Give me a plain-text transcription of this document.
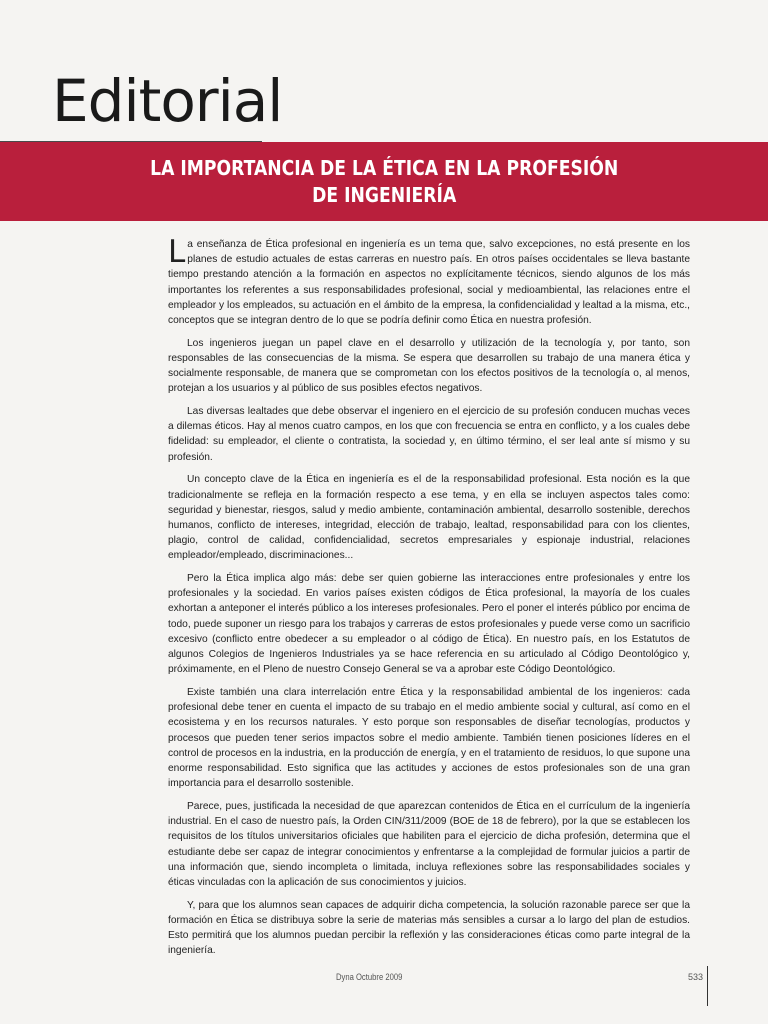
Editorial
LA IMPORTANCIA DE LA ÉTICA EN LA PROFESIÓN
DE INGENIERÍA

La enseñanza de Ética profesional en ingeniería es un tema que, salvo excepciones, no está presente en los planes de estudio actuales de estas carreras en nuestro país. En otros países occidentales se lleva bastante tiempo prestando atención a la formación en aspectos no explícitamente técnicos, siendo algunos de los más importantes los referentes a sus responsabilidades profesional, social y medioambiental, las relaciones entre el empleador y los empleados, su actuación en el ámbito de la empresa, la confidencialidad y lealtad a la misma, etc., conceptos que se integran dentro de lo que se podría definir como Ética en nuestra profesión.

Los ingenieros juegan un papel clave en el desarrollo y utilización de la tecnología y, por tanto, son responsables de las consecuencias de la misma. Se espera que desarrollen su trabajo de una manera ética y socialmente responsable, de manera que se comprometan con los efectos positivos de la tecnología o, al menos, protejan a los usuarios y al público de sus posibles efectos negativos.

Las diversas lealtades que debe observar el ingeniero en el ejercicio de su profesión conducen muchas veces a dilemas éticos. Hay al menos cuatro campos, en los que con frecuencia se entra en conflicto, y a los cuales debe fidelidad: su empleador, el cliente o contratista, la sociedad y, en último término, el ser leal ante sí mismo y su profesión.

Un concepto clave de la Ética en ingeniería es el de la responsabilidad profesional. Esta noción es la que tradicionalmente se refleja en la formación respecto a ese tema, y en ella se incluyen aspectos tales como: seguridad y bienestar, riesgos, salud y medio ambiente, contaminación ambiental, desarrollo sostenible, derechos humanos, conflicto de intereses, integridad, elección de trabajo, lealtad, responsabilidad para con los clientes, plagio, control de calidad, confidencialidad, secretos empresariales y espionaje industrial, relaciones empleador/empleado, discriminaciones...

Pero la Ética implica algo más: debe ser quien gobierne las interacciones entre profesionales y entre los profesionales y la sociedad. En varios países existen códigos de Ética profesional, la mayoría de los cuales exhortan a anteponer el interés público a los intereses profesionales. Pero el poner el interés público por encima de todo, puede suponer un riesgo para los trabajos y carreras de estos profesionales y puede verse como un sacrificio excesivo (conflicto entre obedecer a su empleador o al código de Ética). En nuestro país, en los Estatutos de algunos Colegios de Ingenieros Industriales ya se hace referencia en su articulado al Código Deontológico y, próximamente, en el Pleno de nuestro Consejo General se va a aprobar este Código Deontológico.

Existe también una clara interrelación entre Ética y la responsabilidad ambiental de los ingenieros: cada profesional debe tener en cuenta el impacto de su trabajo en el medio ambiente social y cultural, así como en el ecosistema y en los recursos naturales. Y esto porque son responsables de diseñar tecnologías, productos y procesos que pueden tener serios impactos sobre el medio ambiente. También tienen posiciones líderes en el control de procesos en la industria, en la producción de energía, y en el tratamiento de residuos, lo que supone una enorme responsabilidad. Esto significa que las actitudes y acciones de estos profesionales son de una gran importancia para el desarrollo sostenible.

Parece, pues, justificada la necesidad de que aparezcan contenidos de Ética en el currículum de la ingeniería industrial. En el caso de nuestro país, la Orden CIN/311/2009 (BOE de 18 de febrero), por la que se establecen los requisitos de los títulos universitarios oficiales que habiliten para el ejercicio de dicha profesión, determina que el estudiante debe ser capaz de integrar conocimientos y enfrentarse a la complejidad de formular juicios a partir de una información que, siendo incompleta o limitada, incluya reflexiones sobre las responsabilidades sociales y éticas vinculadas con la aplicación de sus conocimientos y juicios.

Y, para que los alumnos sean capaces de adquirir dicha competencia, la solución razonable parece ser que la formación en Ética se distribuya sobre la serie de materias más sensibles a cursar a lo largo del plan de estudios. Esto permitirá que los alumnos puedan percibir la reflexión y las consideraciones éticas como parte integral de la ingeniería.

Dyna Octubre 2009	533
